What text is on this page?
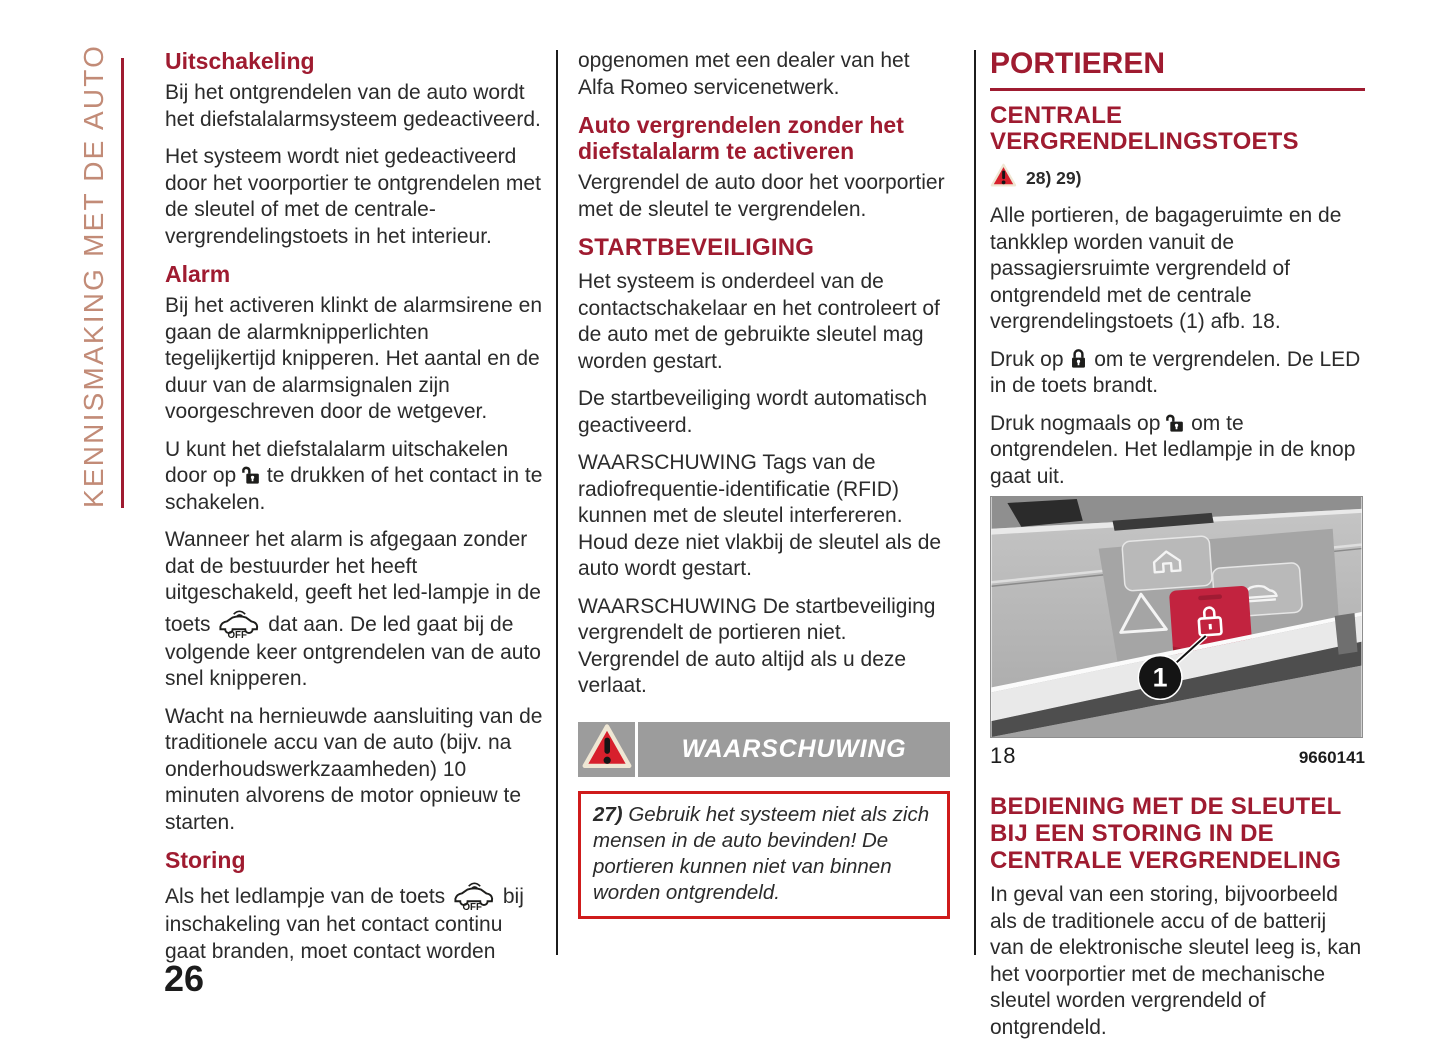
KENNISMAKING MET DE AUTO Uitschakeling

Bij het ontgrendelen van de auto wordt het diefstalalarmsysteem gedeactiveerd.

Het systeem wordt niet gedeactiveerd door het voorportier te ontgrendelen met de sleutel of met de centrale-vergrendelingstoets in het interieur.

Alarm

Bij het activeren klinkt de alarmsirene en gaan de alarmknipperlichten tegelijkertijd knipperen. Het aantal en de duur van de alarmsignalen zijn voorgeschreven door de wetgever.

U kunt het diefstalalarm uitschakelen door op
te drukken of het contact in te schakelen.

Wanneer het alarm is afgegaan zonder dat de bestuurder het heeft uitgeschakeld, geeft het led-lampje in de toets OFF dat aan. De led gaat bij de volgende keer ontgrendelen van de auto snel knipperen.

Wacht na hernieuwde aansluiting van de traditionele accu van de auto (bijv. na onderhoudswerkzaamheden) 10 minuten alvorens de motor opnieuw te starten.

Storing

Als het ledlampje van de toets OFF bij inschakeling van het contact continu gaat branden, moet contact worden

opgenomen met een dealer van het Alfa Romeo servicenetwerk.

Auto vergrendelen zonder het diefstalalarm te activeren

Vergrendel de auto door het voorportier met de sleutel te vergrendelen.

STARTBEVEILIGING

Het systeem is onderdeel van de contactschakelaar en het controleert of de auto met de gebruikte sleutel mag worden gestart.

De startbeveiliging wordt automatisch geactiveerd.

WAARSCHUWING Tags van de radiofrequentie-identificatie (RFID) kunnen met de sleutel interfereren. Houd deze niet vlakbij de sleutel als de auto wordt gestart.

WAARSCHUWING De startbeveiliging vergrendelt de portieren niet. Vergrendel de auto altijd als u deze verlaat.

WAARSCHUWING
27) Gebruik het systeem niet als zich mensen in de auto bevinden! De portieren kunnen niet van binnen worden ontgrendeld.
PORTIEREN
CENTRALE VERGRENDELINGSTOETS
28) 29)

Alle portieren, de bagageruimte en de tankklep worden vanuit de passagiersruimte vergrendeld of ontgrendeld met de centrale vergrendelingstoets (1) afb. 18.

Druk op
om te vergrendelen. De LED in de toets brandt.

Druk nogmaals op
om te ontgrendelen. Het ledlampje in de knop gaat uit.

1
18	9660141
BEDIENING MET DE SLEUTEL BIJ EEN STORING IN DE CENTRALE VERGRENDELING

In geval van een storing, bijvoorbeeld als de traditionele accu of de batterij van de elektronische sleutel leeg is, kan het voorportier met de mechanische sleutel worden vergrendeld of ontgrendeld.

26
